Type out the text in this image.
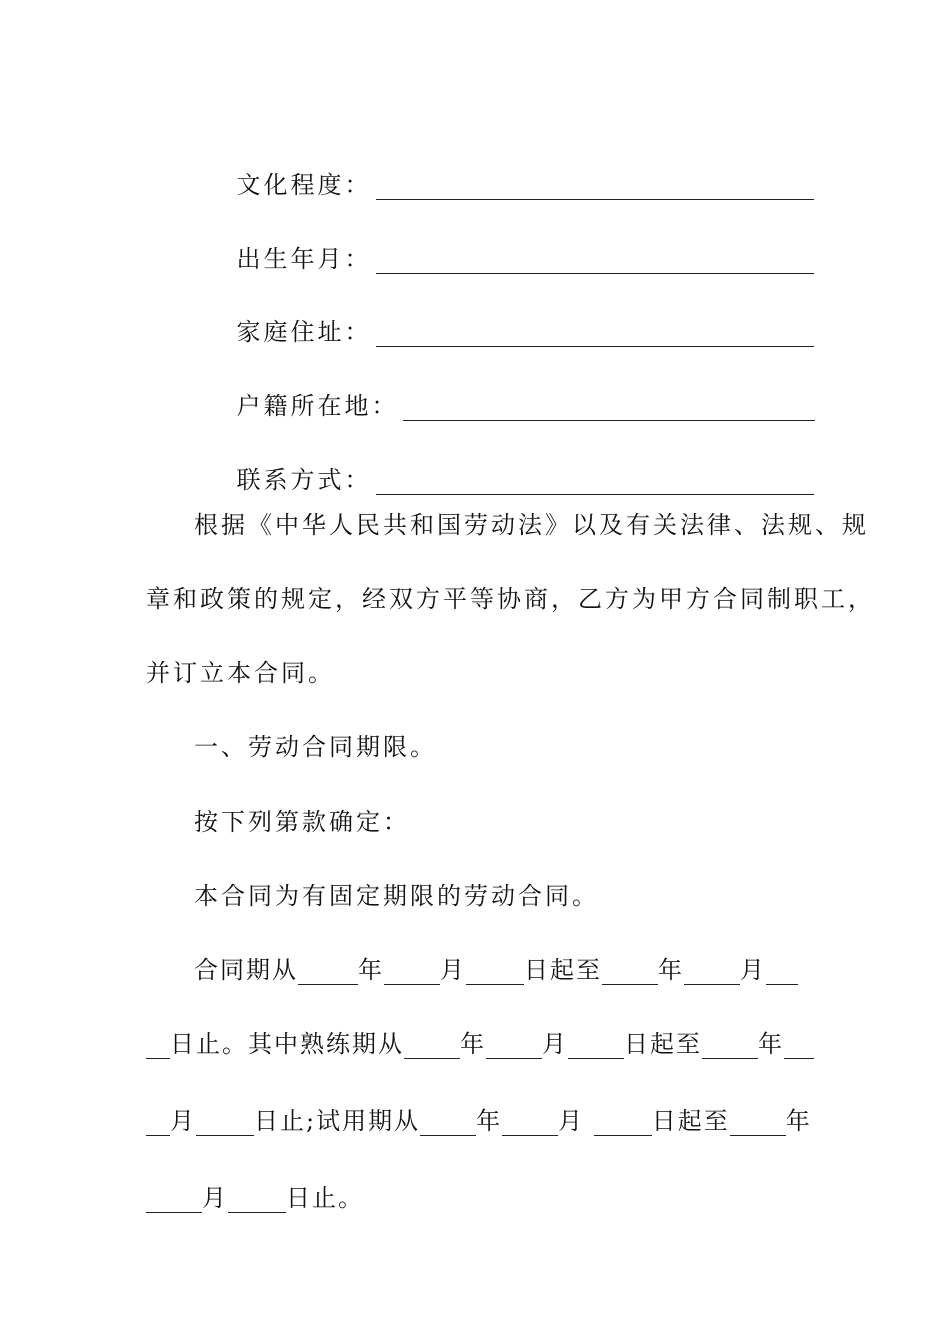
文化程度：

出生年月：

家庭住址：

户籍所在地：

联系方式：

根据《中华人民共和国劳动法》以及有关法律、法规、规
章和政策的规定，经双方平等协商，乙方为甲方合同制职工，
并订立本合同。
一、劳动合同期限。
按下列第款确定：
本合同为有固定期限的劳动合同。
合同期从	年 月 日起至 年 月
日止。其中熟练期从 年 月 日起至 年
月 日止;试用期从 年 月 日起至 年
月 日止。
